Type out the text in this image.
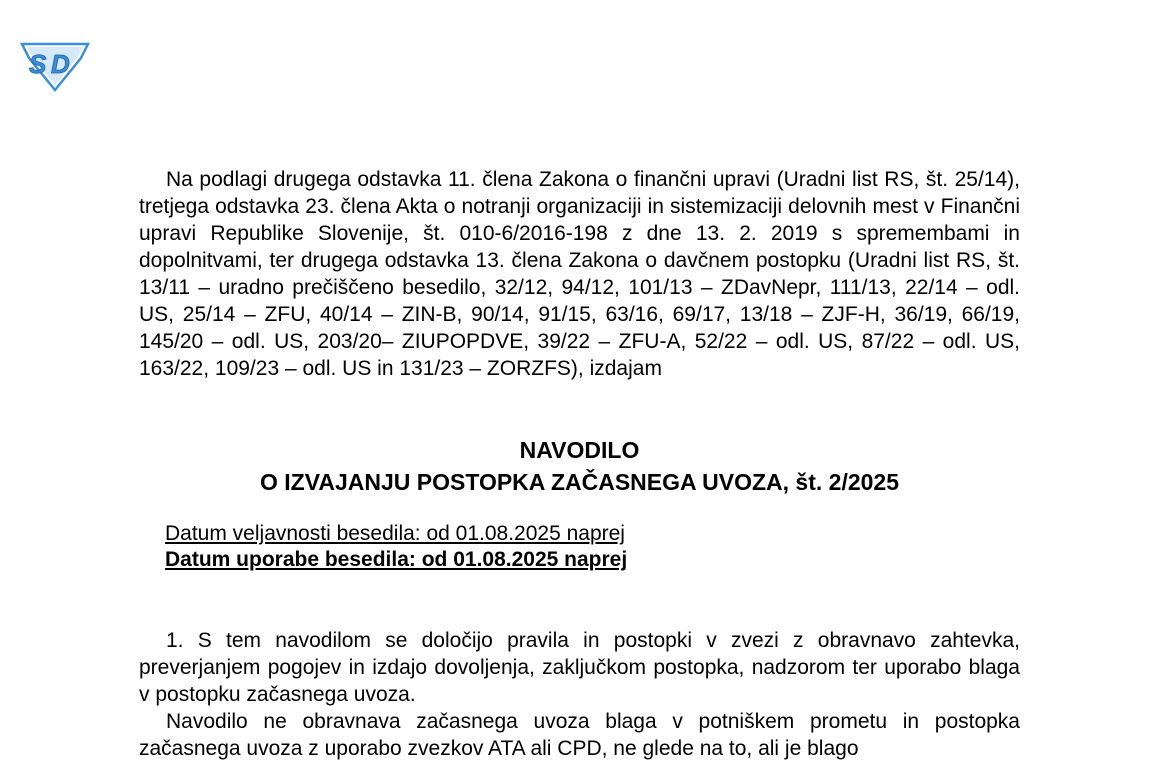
S D

Na podlagi drugega odstavka 11. člena Zakona o finančni upravi (Uradni list RS, št. 25/14), tretjega odstavka 23. člena Akta o notranji organizaciji in sistemizaciji delovnih mest v Finančni upravi Republike Slovenije, št. 010-6/2016-198 z dne 13. 2. 2019 s spremembami in dopolnitvami, ter drugega odstavka 13. člena Zakona o davčnem postopku (Uradni list RS, št. 13/11 – uradno prečiščeno besedilo, 32/12, 94/12, 101/13 – ZDavNepr, 111/13, 22/14 – odl. US, 25/14 – ZFU, 40/14 – ZIN-B, 90/14, 91/15, 63/16, 69/17, 13/18 – ZJF-H, 36/19, 66/19, 145/20 – odl. US, 203/20– ZIUPOPDVE, 39/22 – ZFU-A, 52/22 – odl. US, 87/22 – odl. US, 163/22, 109/23 – odl. US in 131/23 – ZORZFS), izdajam

NAVODILO
O IZVAJANJU POSTOPKA ZAČASNEGA UVOZA, št. 2/2025
Datum veljavnosti besedila: od 01.08.2025 naprej
Datum uporabe besedila: od 01.08.2025 naprej

1. S tem navodilom se določijo pravila in postopki v zvezi z obravnavo zahtevka, preverjanjem pogojev in izdajo dovoljenja, zaključkom postopka, nadzorom ter uporabo blaga v postopku začasnega uvoza.

Navodilo ne obravnava začasnega uvoza blaga v potniškem prometu in postopka začasnega uvoza z uporabo zvezkov ATA ali CPD, ne glede na to, ali je blago
